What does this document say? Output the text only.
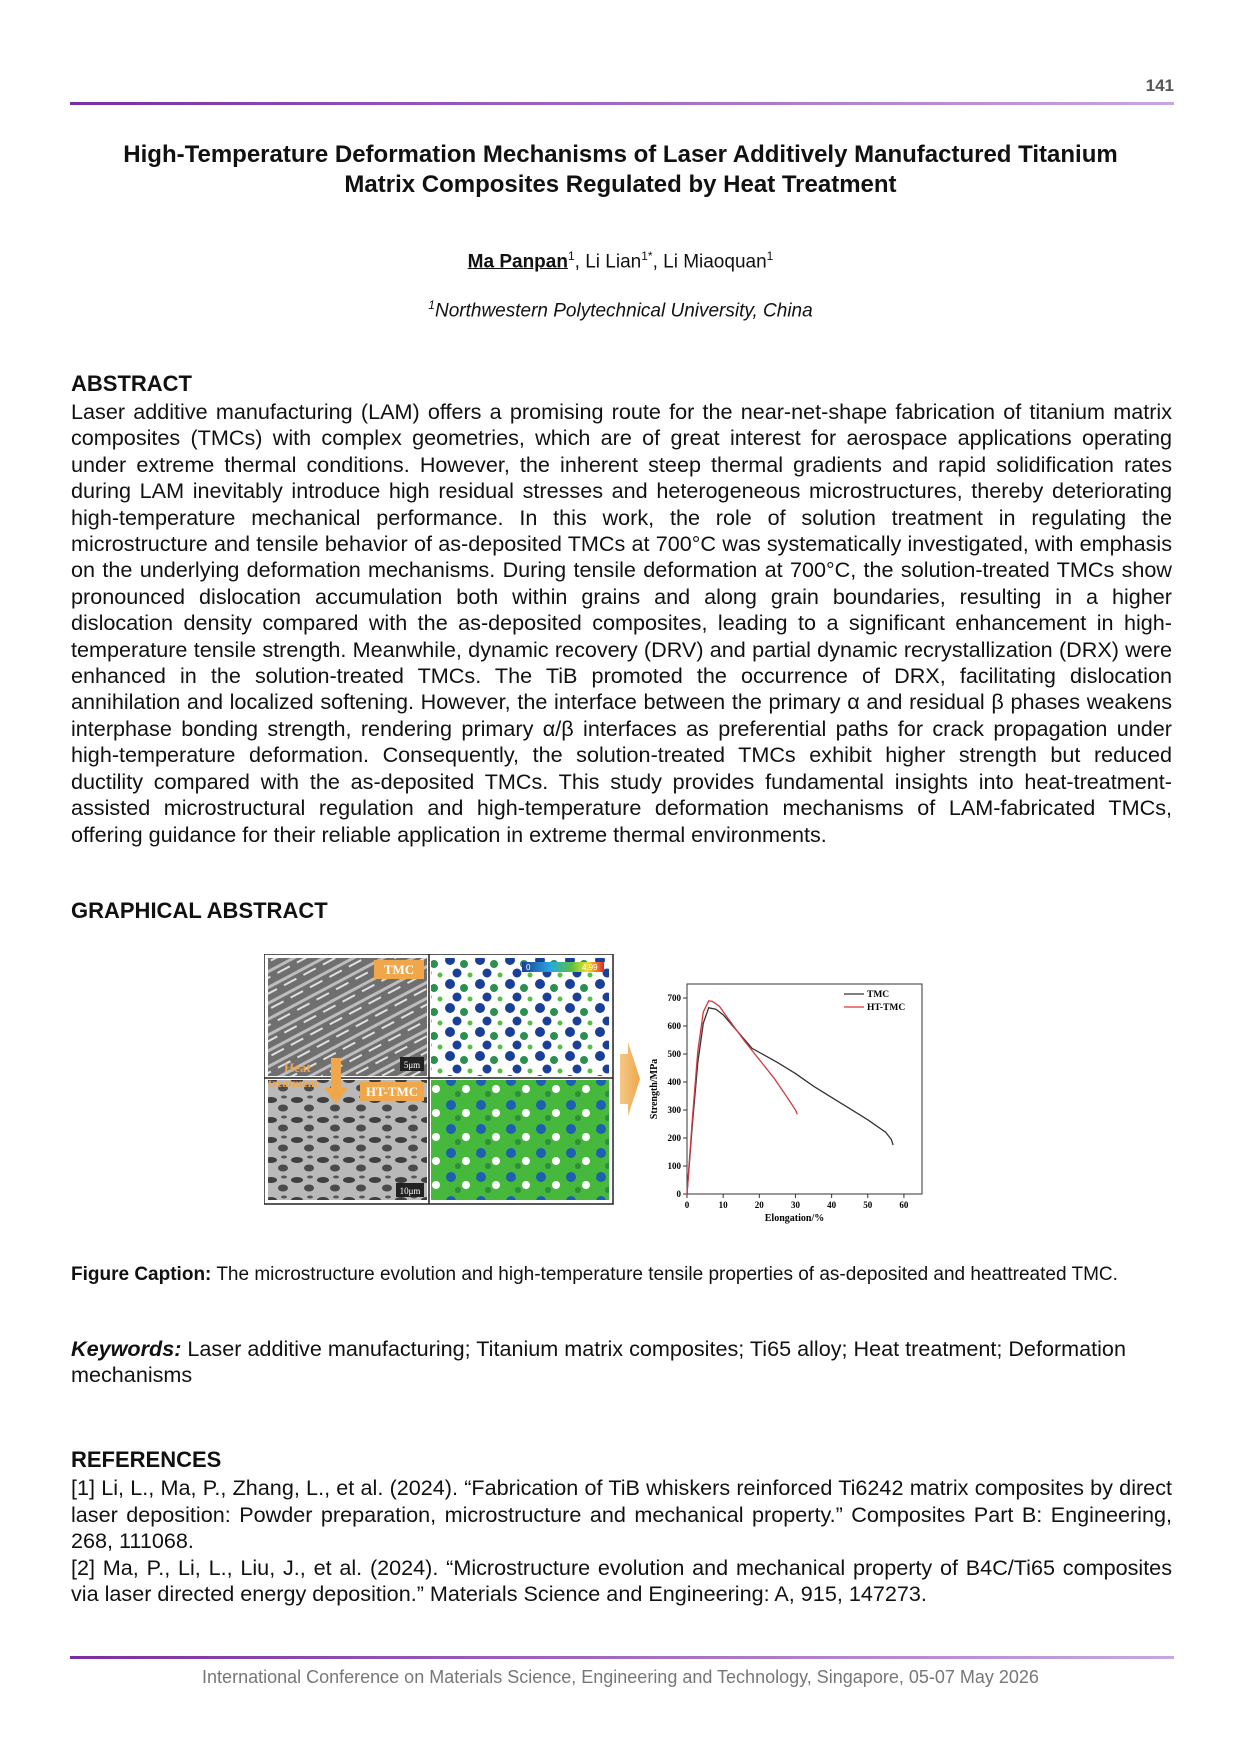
141
High-Temperature Deformation Mechanisms of Laser Additively Manufactured Titanium Matrix Composites Regulated by Heat Treatment
Ma Panpan$^1$, Li Lian$^{1*}$, Li Miaoquan$^1$
$^1$Northwestern Polytechnical University, China
ABSTRACT
Laser additive manufacturing (LAM) offers a promising route for the near-net-shape fabrication of titanium matrix composites (TMCs) with complex geometries, which are of great interest for aerospace applications operating under extreme thermal conditions. However, the inherent steep thermal gradients and rapid solidification rates during LAM inevitably introduce high residual stresses and heterogeneous microstructures, thereby deteriorating high-temperature mechanical performance. In this work, the role of solution treatment in regulating the microstructure and tensile behavior of as-deposited TMCs at 700°C was systematically investigated, with emphasis on the underlying deformation mechanisms. During tensile deformation at 700°C, the solution-treated TMCs show pronounced dislocation accumulation both within grains and along grain boundaries, resulting in a higher dislocation density compared with the as-deposited composites, leading to a significant enhancement in high-temperature tensile strength. Meanwhile, dynamic recovery (DRV) and partial dynamic recrystallization (DRX) were enhanced in the solution-treated TMCs. The TiB promoted the occurrence of DRX, facilitating dislocation annihilation and localized softening. However, the interface between the primary α and residual β phases weakens interphase bonding strength, rendering primary α/β interfaces as preferential paths for crack propagation under high-temperature deformation. Consequently, the solution-treated TMCs exhibit higher strength but reduced ductility compared with the as-deposited TMCs. This study provides fundamental insights into heat-treatment-assisted microstructural regulation and high-temperature deformation mechanisms of LAM-fabricated TMCs, offering guidance for their reliable application in extreme thermal environments.
GRAPHICAL ABSTRACT
TMC
HT-TMC
Heat
treatment
5μm
10μm
0	4.99
0	10	20	30	40	50	60
0
100
200
300
400
500
600
700
Elongation/%
Strength/MPa
TMC
HT-TMC
Figure Caption: The microstructure evolution and high-temperature tensile properties of as-deposited and heattreated TMC.
Keywords: Laser additive manufacturing; Titanium matrix composites; Ti65 alloy; Heat treatment; Deformation mechanisms
REFERENCES

[1] Li, L., Ma, P., Zhang, L., et al. (2024). “Fabrication of TiB whiskers reinforced Ti6242 matrix composites by direct laser deposition: Powder preparation, microstructure and mechanical property.” Composites Part B: Engineering, 268, 111068.

[2] Ma, P., Li, L., Liu, J., et al. (2024). “Microstructure evolution and mechanical property of B4C/Ti65 composites via laser directed energy deposition.” Materials Science and Engineering: A, 915, 147273.

International Conference on Materials Science, Engineering and Technology, Singapore, 05-07 May 2026
